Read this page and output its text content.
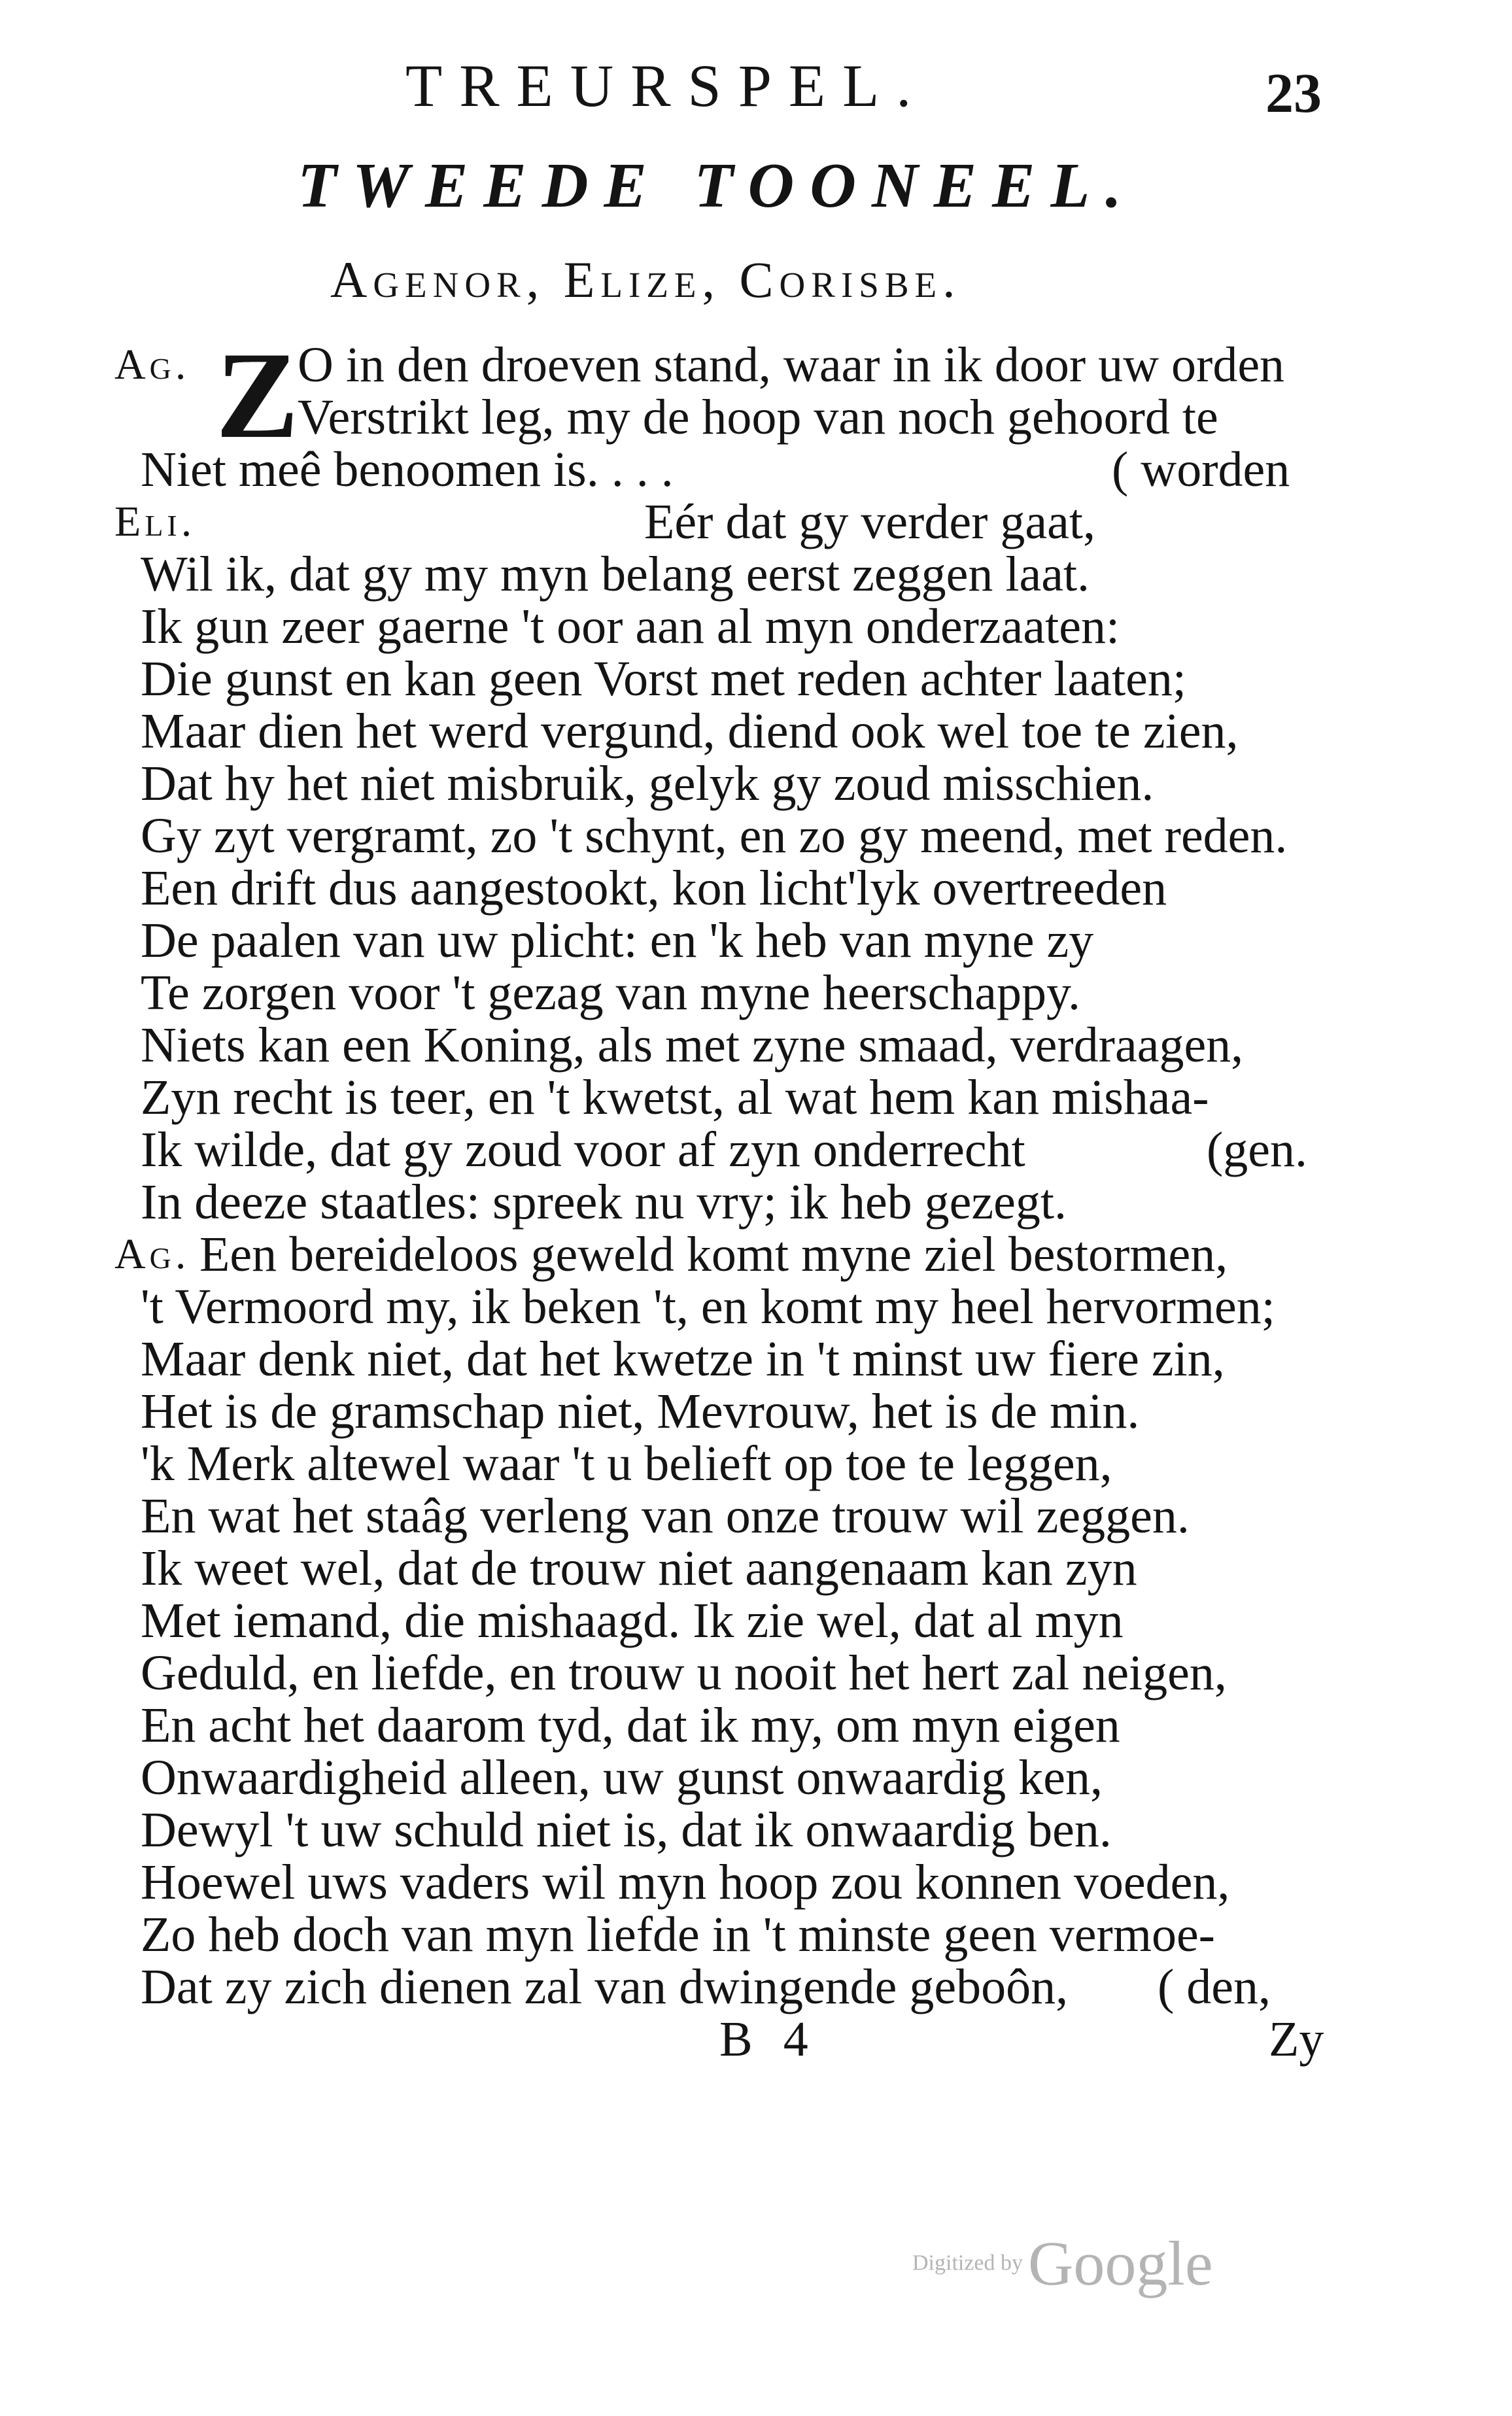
TREURSPEL.	23
TWEEDE TOONEEL.
Agenor, Elize, Corisbe.
Ag. Z
O in den droeven stand, waar in ik door uw orden
Verstrikt leg, my de hoop van noch gehoord te
Niet meê benoomen is. . . .	( worden
Eli.	Eér dat gy verder gaat,
Wil ik, dat gy my myn belang eerst zeggen laat.
Ik gun zeer gaerne 't oor aan al myn onderzaaten:
Die gunst en kan geen Vorst met reden achter laaten;
Maar dien het werd vergund, diend ook wel toe te zien,
Dat hy het niet misbruik, gelyk gy zoud misschien.
Gy zyt vergramt, zo 't schynt, en zo gy meend, met reden.
Een drift dus aangestookt, kon licht'lyk overtreeden
De paalen van uw plicht: en 'k heb van myne zy
Te zorgen voor 't gezag van myne heerschappy.
Niets kan een Koning, als met zyne smaad, verdraagen,
Zyn recht is teer, en 't kwetst, al wat hem kan mishaa-
Ik wilde, dat gy zoud voor af zyn onderrecht	(gen.
In deeze staatles: spreek nu vry; ik heb gezegt.
Ag. Een bereideloos geweld komt myne ziel bestormen,
't Vermoord my, ik beken 't, en komt my heel hervormen;
Maar denk niet, dat het kwetze in 't minst uw fiere zin,
Het is de gramschap niet, Mevrouw, het is de min.
'k Merk altewel waar 't u belieft op toe te leggen,
En wat het staâg verleng van onze trouw wil zeggen.
Ik weet wel, dat de trouw niet aangenaam kan zyn
Met iemand, die mishaagd. Ik zie wel, dat al myn
Geduld, en liefde, en trouw u nooit het hert zal neigen,
En acht het daarom tyd, dat ik my, om myn eigen
Onwaardigheid alleen, uw gunst onwaardig ken,
Dewyl 't uw schuld niet is, dat ik onwaardig ben.
Hoewel uws vaders wil myn hoop zou konnen voeden,
Zo heb doch van myn liefde in 't minste geen vermoe-
Dat zy zich dienen zal van dwingende geboôn, ( den,
B 4	Zy
Digitized by Google
